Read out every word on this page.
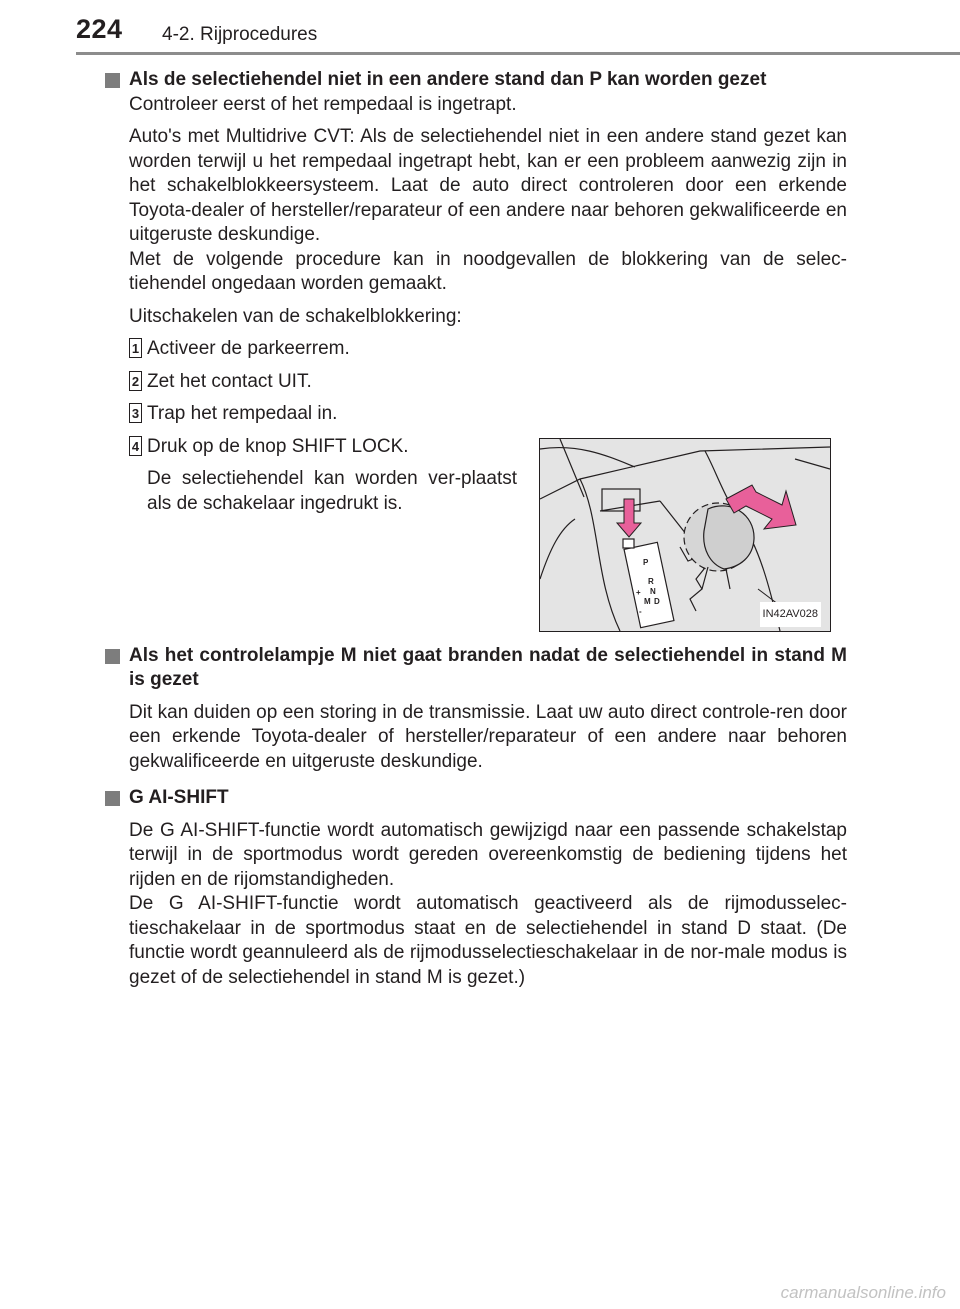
224 4-2. Rijprocedures
Als de selectiehendel niet in een andere stand dan P kan worden gezet
Controleer eerst of het rempedaal is ingetrapt.
Auto's met Multidrive CVT: Als de selectiehendel niet in een andere stand gezet kan worden terwijl u het rempedaal ingetrapt hebt, kan er een probleem aanwezig zijn in het schakelblokkeersysteem. Laat de auto direct controleren door een erkende Toyota-dealer of hersteller/reparateur of een andere naar behoren gekwalificeerde en uitgeruste deskundige.
Met de volgende procedure kan in noodgevallen de blokkering van de selec-tiehendel ongedaan worden gemaakt.
Uitschakelen van de schakelblokkering:
1 Activeer de parkeerrem.
2 Zet het contact UIT.
3 Trap het rempedaal in.
4 Druk op de knop SHIFT LOCK.
De selectiehendel kan worden ver-plaatst als de schakelaar ingedrukt is.
P
R
N
D
M
+
-	IN42AV028
Als het controlelampje M niet gaat branden nadat de selectiehendel in stand M is gezet
Dit kan duiden op een storing in de transmissie. Laat uw auto direct controle-ren door een erkende Toyota-dealer of hersteller/reparateur of een andere naar behoren gekwalificeerde en uitgeruste deskundige.
G AI-SHIFT
De G AI-SHIFT-functie wordt automatisch gewijzigd naar een passende schakelstap terwijl in de sportmodus wordt gereden overeenkomstig de bediening tijdens het rijden en de rijomstandigheden.
De G AI-SHIFT-functie wordt automatisch geactiveerd als de rijmodusselec-tieschakelaar in de sportmodus staat en de selectiehendel in stand D staat. (De functie wordt geannuleerd als de rijmodusselectieschakelaar in de nor-male modus is gezet of de selectiehendel in stand M is gezet.)
carmanualsonline.info
